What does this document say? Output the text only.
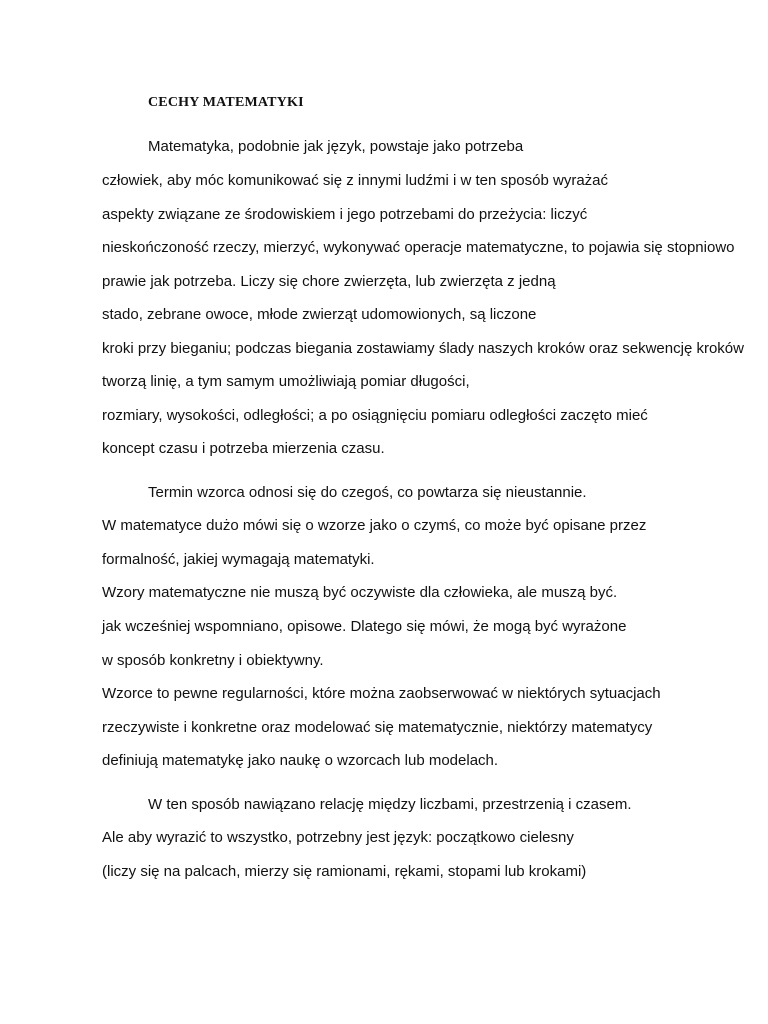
CECHY MATEMATYKI
Matematyka, podobnie jak język, powstaje jako potrzeba
człowiek, aby móc komunikować się z innymi ludźmi i w ten sposób wyrażać
aspekty związane ze środowiskiem i jego potrzebami do przeżycia: liczyć
nieskończoność rzeczy, mierzyć, wykonywać operacje matematyczne, to pojawia się stopniowo
prawie jak potrzeba. Liczy się chore zwierzęta, lub zwierzęta z jedną
stado, zebrane owoce, młode zwierząt udomowionych, są liczone
kroki przy bieganiu; podczas biegania zostawiamy ślady naszych kroków oraz sekwencję kroków
tworzą linię, a tym samym umożliwiają pomiar długości,
rozmiary, wysokości, odległości; a po osiągnięciu pomiaru odległości zaczęto mieć
koncept czasu i potrzeba mierzenia czasu.
Termin wzorca odnosi się do czegoś, co powtarza się nieustannie.
W matematyce dużo mówi się o wzorze jako o czymś, co może być opisane przez
formalność, jakiej wymagają matematyki.
Wzory matematyczne nie muszą być oczywiste dla człowieka, ale muszą być.
jak wcześniej wspomniano, opisowe. Dlatego się mówi, że mogą być wyrażone
w sposób konkretny i obiektywny.
Wzorce to pewne regularności, które można zaobserwować w niektórych sytuacjach
rzeczywiste i konkretne oraz modelować się matematycznie, niektórzy matematycy
definiują matematykę jako naukę o wzorcach lub modelach.
W ten sposób nawiązano relację między liczbami, przestrzenią i czasem.
Ale aby wyrazić to wszystko, potrzebny jest język: początkowo cielesny
(liczy się na palcach, mierzy się ramionami, rękami, stopami lub krokami)
